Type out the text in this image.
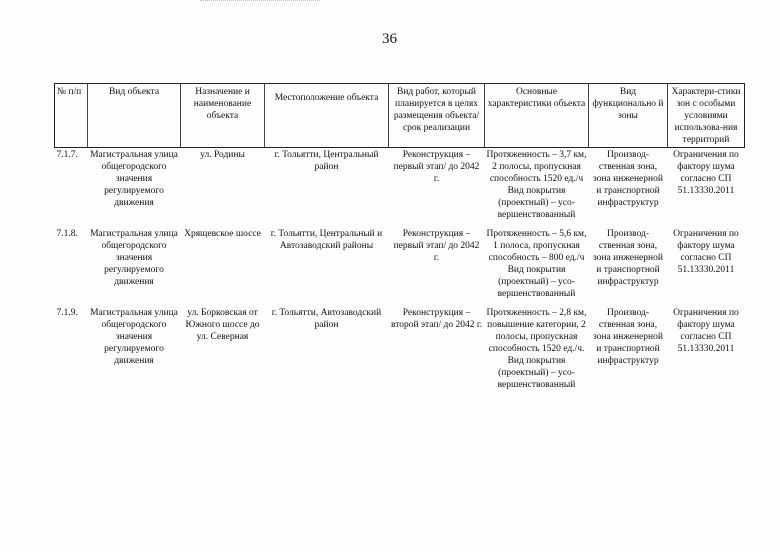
36
№ п/п	Вид объекта	Назначение и наименование объекта	Местоположение объекта	Вид работ, который планируется в целях размещения объекта/срок реализации	Основные характеристики объекта	Вид функционально й зоны	Характери-стики зон с особыми условиями использова-ния территорий
7.1.7.	Магистральная улица общегородского значения регулируемого движения	ул. Родины	г. Тольятти, Центральный район	Реконструкция – первый этап/ до 2042 г.	Протяженность – 3,7 км, 2 полосы, пропускная способность 1520 ед./ч Вид покрытия (проектный) – усо-вершенствованный	Производ-ственная зона, зона инженерной и транспортной инфраструктур	Ограничения по фактору шума согласно СП 51.13330.2011
7.1.8.	Магистральная улица общегородского значения регулируемого движения	Хрящевское шоссе	г. Тольятти, Центральный и Автозаводский районы	Реконструкция – первый этап/ до 2042 г.	Протяженность – 5,6 км, 1 полоса, пропускная способность – 800 ед./ч Вид покрытия (проектный) – усо-вершенствованный	Производ-ственная зона, зона инженерной и транспортной инфраструктур	Ограничения по фактору шума согласно СП 51.13330.2011
7.1.9.	Магистральная улица общегородского значения регулируемого движения	ул. Борковская от Южного шоссе до ул. Северная	г. Тольятти, Автозаводский район	Реконструкция – второй этап/ до 2042 г.	Протяженность – 2,8 км, повышение категории, 2 полосы, пропускная способность 1520 ед./ч. Вид покрытия (проектный) – усо-вершенствованный	Производ-ственная зона, зона инженерной и транспортной инфраструктур	Ограничения по фактору шума согласно СП 51.13330.2011
